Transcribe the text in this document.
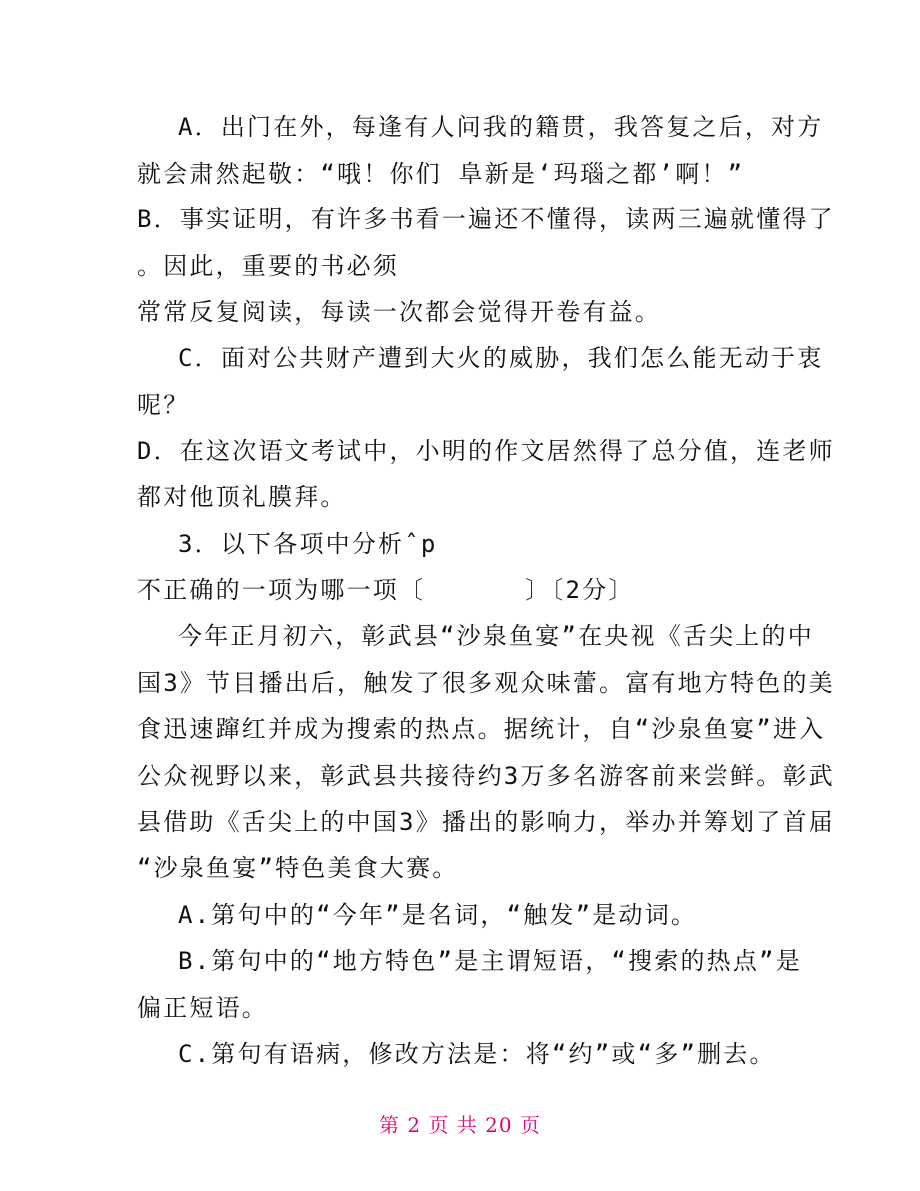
A．出门在外，每逢有人问我的籍贯，我答复之后，对方
就会肃然起敬：“哦！你们 阜新是‘玛瑙之都’啊！”
B．事实证明，有许多书看一遍还不懂得，读两三遍就懂得了
。因此，重要的书必须
常常反复阅读，每读一次都会觉得开卷有益。
C．面对公共财产遭到大火的威胁，我们怎么能无动于衷
呢？
D．在这次语文考试中，小明的作文居然得了总分值，连老师
都对他顶礼膜拜。
3．以下各项中分析ˆp
不正确的一项为哪一项〔      〕〔2分〕
今年正月初六，彰武县“沙泉鱼宴”在央视《舌尖上的中
国3》节目播出后，触发了很多观众味蕾。富有地方特色的美
食迅速蹿红并成为搜索的热点。据统计，自“沙泉鱼宴”进入
公众视野以来，彰武县共接待约3万多名游客前来尝鲜。彰武
县借助《舌尖上的中国3》播出的影响力，举办并筹划了首届
“沙泉鱼宴”特色美食大赛。
A.第句中的“今年”是名词，“触发”是动词。
B.第句中的“地方特色”是主谓短语，“搜索的热点”是
偏正短语。
C.第句有语病，修改方法是：将“约”或“多”删去。
第 2 页 共 20 页
